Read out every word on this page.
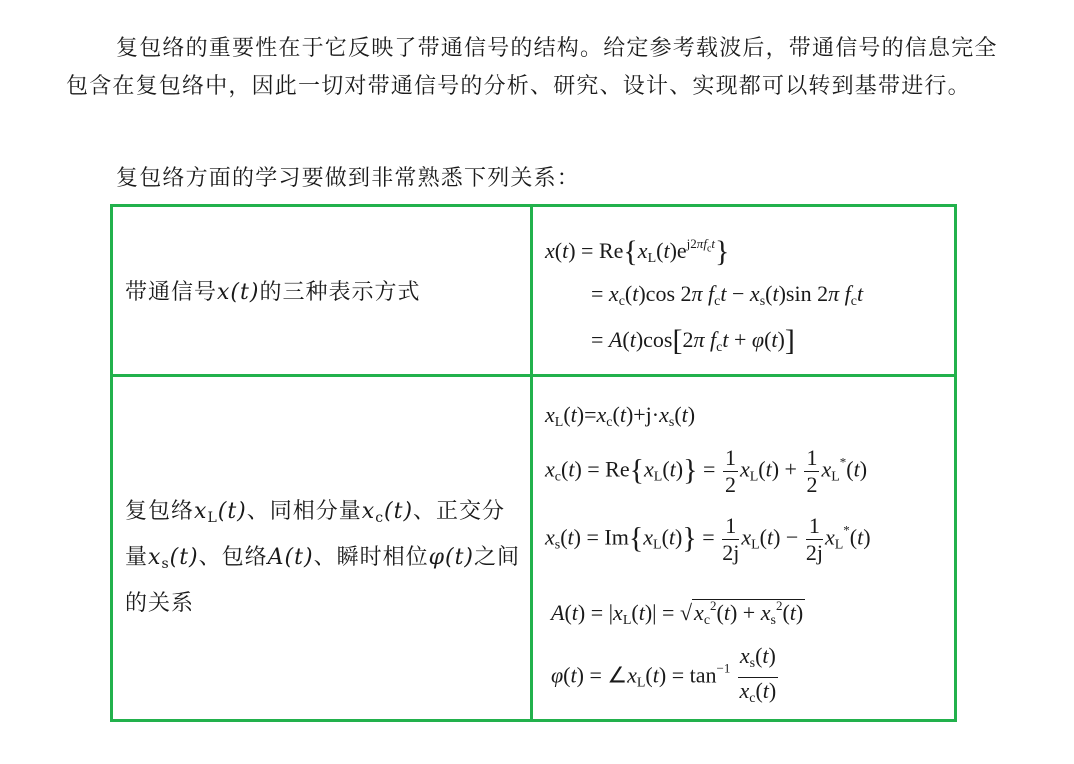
复包络的重要性在于它反映了带通信号的结构。给定参考载波后，带通信号的信息完全包含在复包络中，因此一切对带通信号的分析、研究、设计、实现都可以转到基带进行。
复包络方面的学习要做到非常熟悉下列关系：
带通信号x(t)的三种表示方式
$x(t) = Re\{x_L(t)e^{j2\pi f_ct}\}$
= $x_c(t)\cos$ 2π $f_ct - x_s(t)\sin$ 2π $f_ct$
= A(t)cos[2π $f_ct + \varphi(t)$]
复包络$x_L(t)$、同相分量$x_c(t)$、正交分量$x_s(t)$、包络A(t)、瞬时相位φ(t)之间的关系
$x_L(t)=x_c(t)+j\cdot x_s(t)$
$x_c(t) = Re\{x_L(t)\} = \frac{1}{2} x_L(t) + \frac{1}{2} x_L^*(t)$
$x_s(t) = Im\{x_L(t)\} = \frac{1}{2j} x_L(t) - \frac{1}{2j} x_L^*(t)$
$A(t) = |x_L(t)| = √x_c^2(t) + x_s^2(t)$
$\varphi(t) = \angle x_L(t) = \tan^{-1} \frac{x_s(t)}{x_c(t)}$
